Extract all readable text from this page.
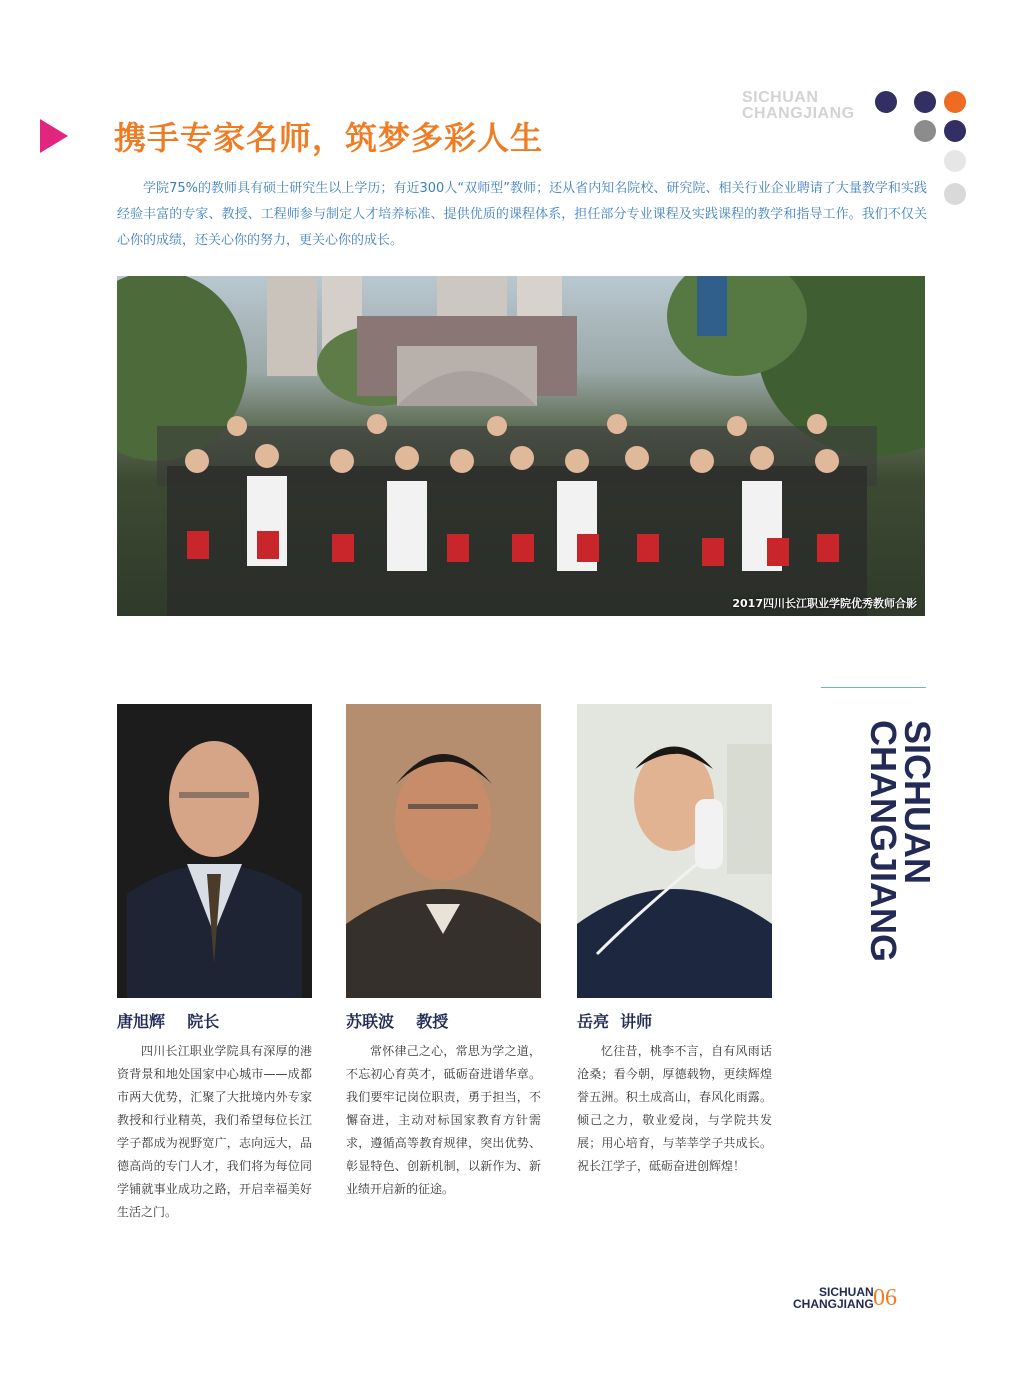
携手专家名师，筑梦多彩人生
SICHUAN
CHANGJIANG

学院75%的教师具有硕士研究生以上学历；有近300人“双师型”教师；还从省内知名院校、研究院、相关行业企业聘请了大量教学和实践经验丰富的专家、教授、工程师参与制定人才培养标准、提供优质的课程体系，担任部分专业课程及实践课程的教学和指导工作。我们不仅关心你的成绩，还关心你的努力，更关心你的成长。

2017四川长江职业学院优秀教师合影
SICHUAN
CHANGJIANG
唐旭辉    院长	苏联波    教授	岳亮  讲师

四川长江职业学院具有深厚的港资背景和地处国家中心城市——成都市两大优势，汇聚了大批境内外专家教授和行业精英，我们希望每位长江学子都成为视野宽广，志向远大，品德高尚的专门人才，我们将为每位同学铺就事业成功之路，开启幸福美好生活之门。

常怀律己之心，常思为学之道，不忘初心育英才，砥砺奋进谱华章。我们要牢记岗位职责，勇于担当，不懈奋进，主动对标国家教育方针需求，遵循高等教育规律，突出优势、彰显特色、创新机制，以新作为、新业绩开启新的征途。

忆往昔，桃李不言，自有风雨话沧桑；看今朝，厚德载物，更续辉煌誉五洲。积土成高山，春风化雨露。倾己之力，敬业爱岗，与学院共发展；用心培育，与莘莘学子共成长。祝长江学子，砥砺奋进创辉煌！

SICHUAN
CHANGJIANG 06
